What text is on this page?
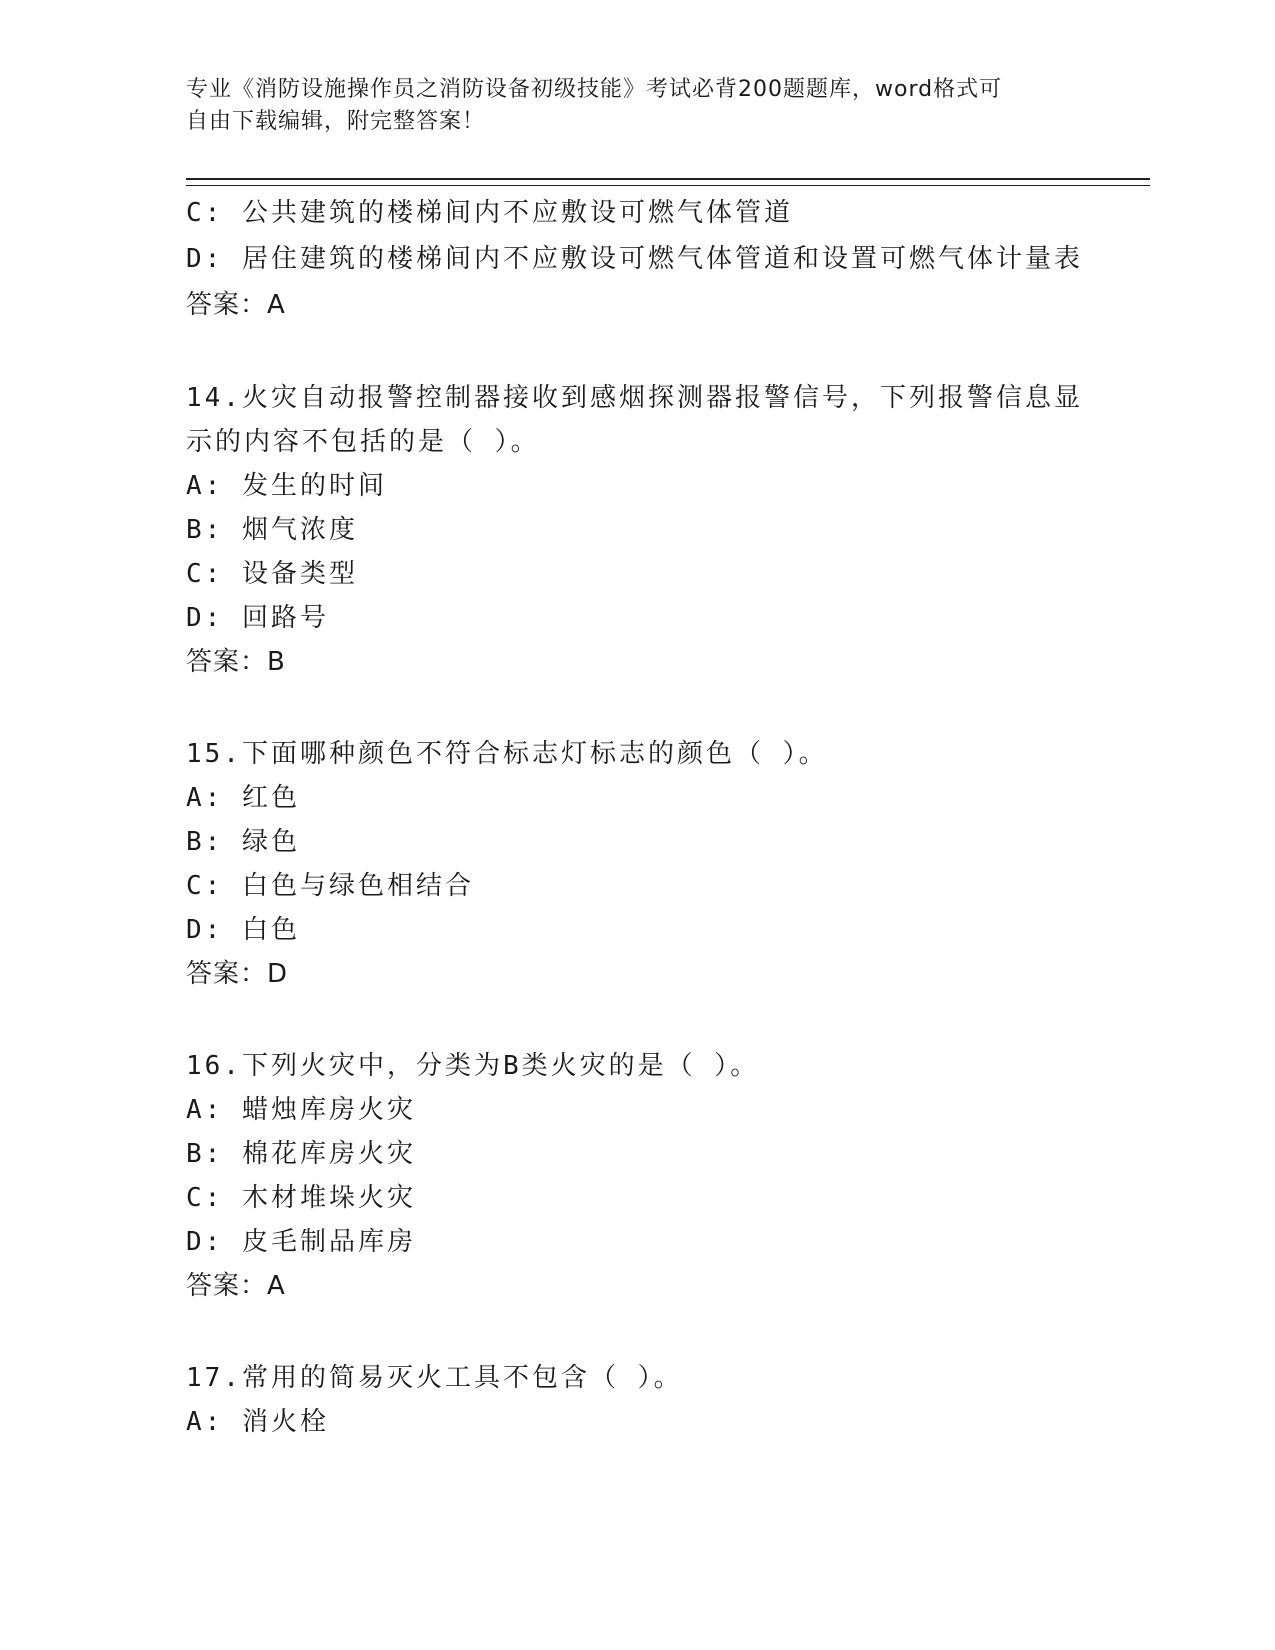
专业《消防设施操作员之消防设备初级技能》考试必背200题题库，word格式可
自由下载编辑，附完整答案！
C: 公共建筑的楼梯间内不应敷设可燃气体管道
D: 居住建筑的楼梯间内不应敷设可燃气体管道和设置可燃气体计量表
答案：A
14.火灾自动报警控制器接收到感烟探测器报警信号，下列报警信息显
示的内容不包括的是（ ）。
A: 发生的时间
B: 烟气浓度
C: 设备类型
D: 回路号
答案：B
15.下面哪种颜色不符合标志灯标志的颜色（ ）。
A: 红色
B: 绿色
C: 白色与绿色相结合
D: 白色
答案：D
16.下列火灾中，分类为B类火灾的是（ ）。
A: 蜡烛库房火灾
B: 棉花库房火灾
C: 木材堆垛火灾
D: 皮毛制品库房
答案：A
17.常用的简易灭火工具不包含（ ）。
A: 消火栓
